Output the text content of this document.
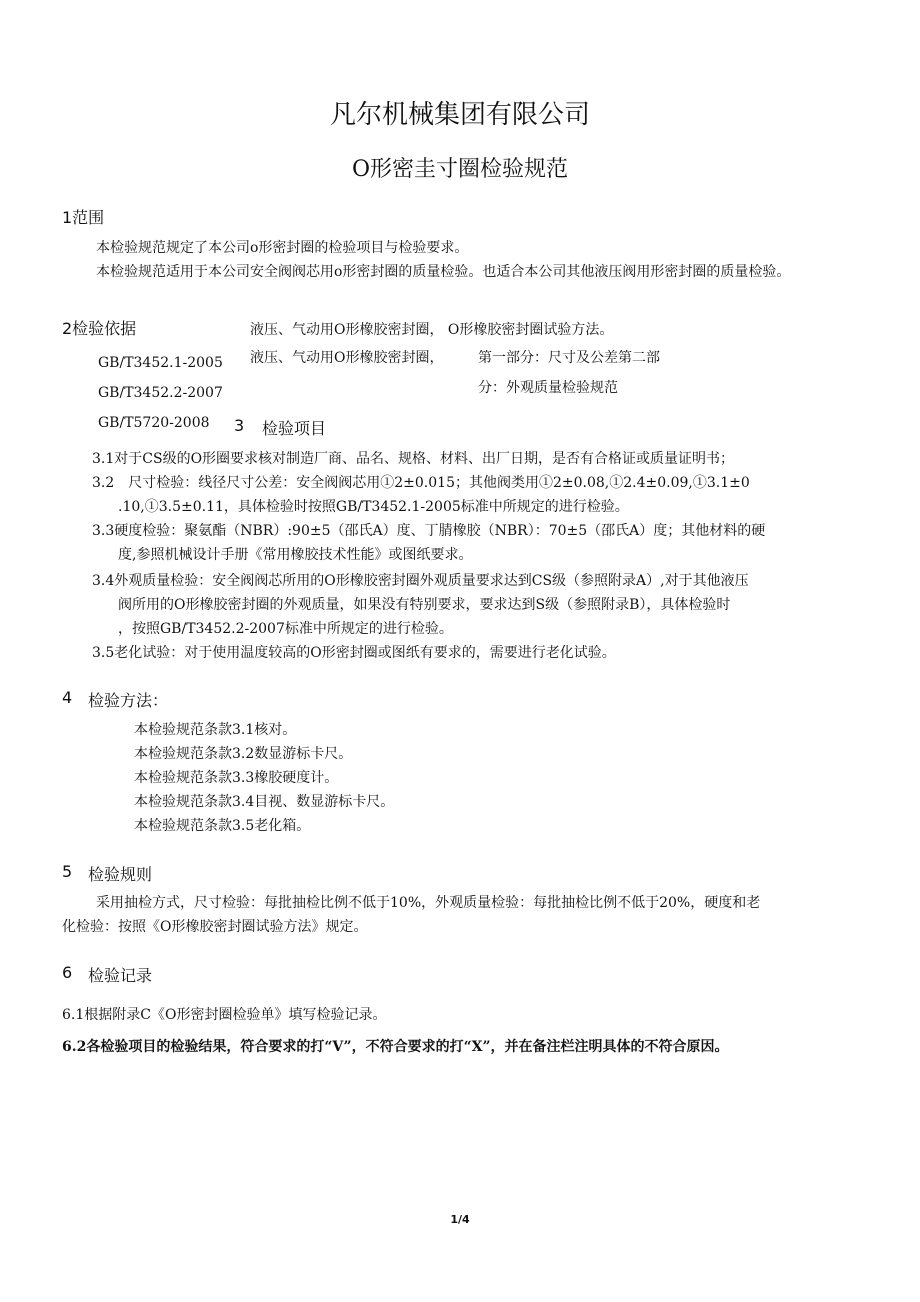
凡尔机械集团有限公司
O形密圭寸圈检验规范
1范围
本检验规范规定了本公司o形密封圈的检验项目与检验要求。
本检验规范适用于本公司安全阀阀芯用o形密封圈的质量检验。也适合本公司其他液压阀用形密封圈的质量检验。
2检验依据	液压、气动用O形橡胶密封圈， O形橡胶密封圈试验方法。
GB/T3452.1-2005 液压、气动用O形橡胶密封圈， 第一部分：尺寸及公差第二部
GB/T3452.2-2007	分：外观质量检验规范
GB/T5720-2008 3 检验项目
3.1对于CS级的O形圈要求核对制造厂商、品名、规格、材料、出厂日期，是否有合格证或质量证明书；
3.2　尺寸检验：线径尺寸公差：安全阀阀芯用①2±0.015；其他阀类用①2±0.08,①2.4±0.09,①3.1±0
.10,①3.5±0.11，具体检验时按照GB/T3452.1-2005标准中所规定的进行检验。
3.3硬度检验：聚氨酯（NBR）:90±5（邵氏A）度、丁腈橡胶（NBR）：70±5（邵氏A）度；其他材料的硬
度,参照机械设计手册《常用橡胶技术性能》或图纸要求。
3.4外观质量检验：安全阀阀芯所用的O形橡胶密封圈外观质量要求达到CS级（参照附录A）,对于其他液压
阀所用的O形橡胶密封圈的外观质量，如果没有特别要求，要求达到S级（参照附录B），具体检验时
，按照GB/T3452.2-2007标准中所规定的进行检验。
3.5老化试验：对于使用温度较高的O形密封圈或图纸有要求的，需要进行老化试验。
4 检验方法：
本检验规范条款3.1核对。
本检验规范条款3.2数显游标卡尺。
本检验规范条款3.3橡胶硬度计。
本检验规范条款3.4目视、数显游标卡尺。
本检验规范条款3.5老化箱。
5 检验规则
采用抽检方式，尺寸检验：每批抽检比例不低于10%，外观质量检验：每批抽检比例不低于20%，硬度和老
化检验：按照《O形橡胶密封圈试验方法》规定。
6 检验记录
6.1根据附录C《O形密封圈检验单》填写检验记录。
6.2各检验项目的检验结果，符合要求的打“V”，不符合要求的打“X”，并在备注栏注明具体的不符合原因。
1/4
